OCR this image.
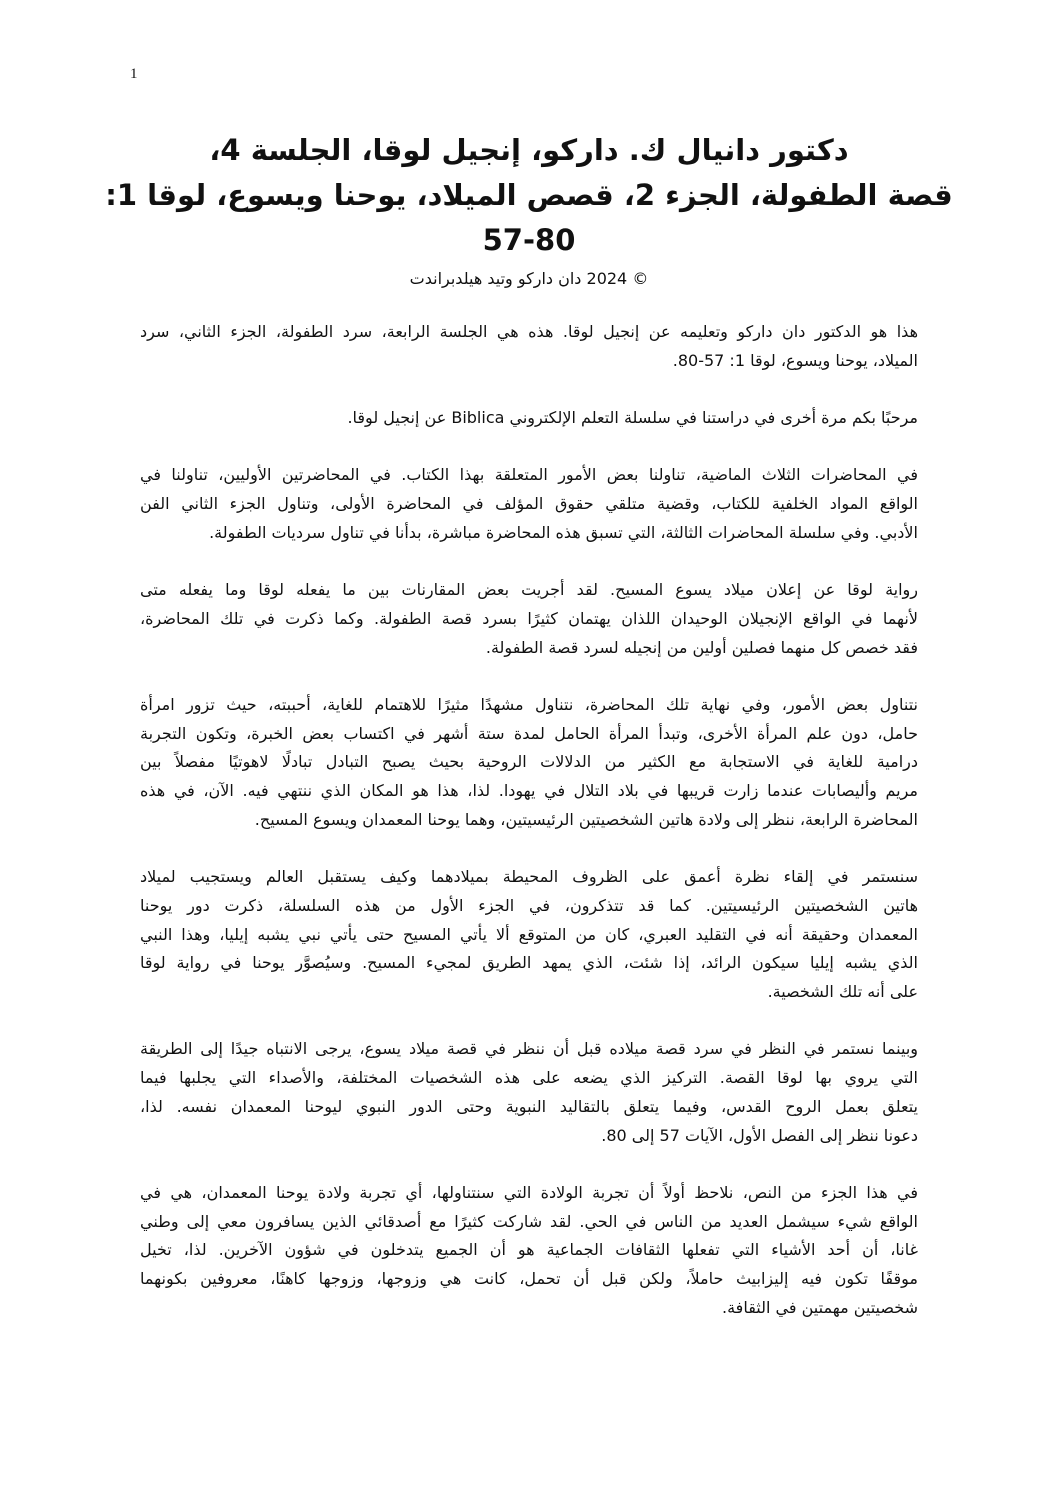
1
دكتور دانيال ك. داركو، إنجيل لوقا، الجلسة 4،
قصة الطفولة، الجزء 2، قصص الميلاد، يوحنا ويسوع، لوقا 1:
57-80
© 2024 دان داركو وتيد هيلدبراندت
هذا هو الدكتور دان داركو وتعليمه عن إنجيل لوقا. هذه هي الجلسة الرابعة، سرد الطفولة، الجزء الثاني، سرد
الميلاد، يوحنا ويسوع، لوقا 1: 57-80.
مرحبًا بكم مرة أخرى في دراستنا في سلسلة التعلم الإلكتروني Biblica عن إنجيل لوقا.
في المحاضرات الثلاث الماضية، تناولنا بعض الأمور المتعلقة بهذا الكتاب. في المحاضرتين الأوليين، تناولنا في
الواقع المواد الخلفية للكتاب، وقضية متلقي حقوق المؤلف في المحاضرة الأولى، وتناول الجزء الثاني الفن
الأدبي. وفي سلسلة المحاضرات الثالثة، التي تسبق هذه المحاضرة مباشرة، بدأنا في تناول سرديات الطفولة.
رواية لوقا عن إعلان ميلاد يسوع المسيح. لقد أجريت بعض المقارنات بين ما يفعله لوقا وما يفعله متى
لأنهما في الواقع الإنجيلان الوحيدان اللذان يهتمان كثيرًا بسرد قصة الطفولة. وكما ذكرت في تلك المحاضرة،
فقد خصص كل منهما فصلين أولين من إنجيله لسرد قصة الطفولة.
نتناول بعض الأمور، وفي نهاية تلك المحاضرة، نتناول مشهدًا مثيرًا للاهتمام للغاية، أحببته، حيث تزور امرأة
حامل، دون علم المرأة الأخرى، وتبدأ المرأة الحامل لمدة ستة أشهر في اكتساب بعض الخبرة، وتكون التجربة
درامية للغاية في الاستجابة مع الكثير من الدلالات الروحية بحيث يصبح التبادل تبادلًا لاهوتيًا مفصلاً بين
مريم وأليصابات عندما زارت قريبها في بلاد التلال في يهودا. لذا، هذا هو المكان الذي ننتهي فيه. الآن، في هذه
المحاضرة الرابعة، ننظر إلى ولادة هاتين الشخصيتين الرئيسيتين، وهما يوحنا المعمدان ويسوع المسيح.
سنستمر في إلقاء نظرة أعمق على الظروف المحيطة بميلادهما وكيف يستقبل العالم ويستجيب لميلاد
هاتين الشخصيتين الرئيسيتين. كما قد تتذكرون، في الجزء الأول من هذه السلسلة، ذكرت دور يوحنا
المعمدان وحقيقة أنه في التقليد العبري، كان من المتوقع ألا يأتي المسيح حتى يأتي نبي يشبه إيليا، وهذا النبي
الذي يشبه إيليا سيكون الرائد، إذا شئت، الذي يمهد الطريق لمجيء المسيح. وسيُصوَّر يوحنا في رواية لوقا
على أنه تلك الشخصية.
وبينما نستمر في النظر في سرد قصة ميلاده قبل أن ننظر في قصة ميلاد يسوع، يرجى الانتباه جيدًا إلى الطريقة
التي يروي بها لوقا القصة. التركيز الذي يضعه على هذه الشخصيات المختلفة، والأصداء التي يجلبها فيما
يتعلق بعمل الروح القدس، وفيما يتعلق بالتقاليد النبوية وحتى الدور النبوي ليوحنا المعمدان نفسه. لذا،
دعونا ننظر إلى الفصل الأول، الآيات 57 إلى 80.
في هذا الجزء من النص، نلاحظ أولاً أن تجربة الولادة التي سنتناولها، أي تجربة ولادة يوحنا المعمدان، هي في
الواقع شيء سيشمل العديد من الناس في الحي. لقد شاركت كثيرًا مع أصدقائي الذين يسافرون معي إلى وطني
غانا، أن أحد الأشياء التي تفعلها الثقافات الجماعية هو أن الجميع يتدخلون في شؤون الآخرين. لذا، تخيل
موقفًا تكون فيه إليزابيث حاملاً، ولكن قبل أن تحمل، كانت هي وزوجها، وزوجها كاهنًا، معروفين بكونهما
شخصيتين مهمتين في الثقافة.
